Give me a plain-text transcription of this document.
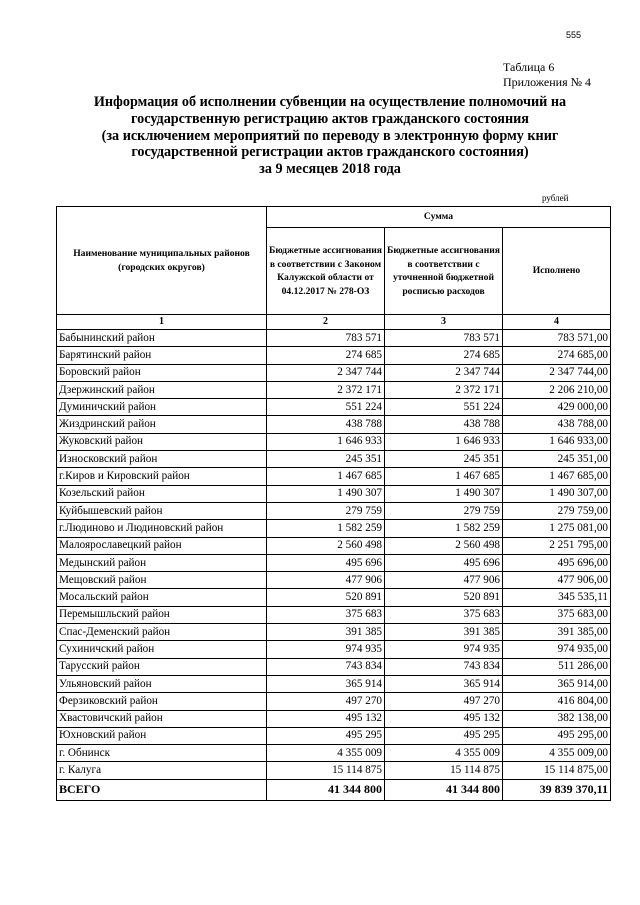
555
Таблица 6
Приложения № 4
Информация об исполнении субвенции на осуществление полномочий на
государственную регистрацию актов гражданского состояния
(за исключением мероприятий по переводу в электронную форму книг
государственной регистрации актов гражданского состояния)
за 9 месяцев 2018 года
рублей
Наименование муниципальных районов (городских округов)	Сумма		
	Бюджетные ассигнования в соответствии с Законом Калужской области от 04.12.2017 № 278-ОЗ	Бюджетные ассигнования в соответствии с уточненной бюджетной росписью расходов	Исполнено
1	2	3	4
Бабынинский район	783 571	783 571	783 571,00
Барятинский район	274 685	274 685	274 685,00
Боровский район	2 347 744	2 347 744	2 347 744,00
Дзержинский район	2 372 171	2 372 171	2 206 210,00
Думиничский район	551 224	551 224	429 000,00
Жиздринский район	438 788	438 788	438 788,00
Жуковский район	1 646 933	1 646 933	1 646 933,00
Износковский район	245 351	245 351	245 351,00
г.Киров и Кировский район	1 467 685	1 467 685	1 467 685,00
Козельский район	1 490 307	1 490 307	1 490 307,00
Куйбышевский район	279 759	279 759	279 759,00
г.Людиново и Людиновский район	1 582 259	1 582 259	1 275 081,00
Малоярославецкий район	2 560 498	2 560 498	2 251 795,00
Медынский район	495 696	495 696	495 696,00
Мещовский район	477 906	477 906	477 906,00
Мосальский район	520 891	520 891	345 535,11
Перемышльский район	375 683	375 683	375 683,00
Спас-Деменский район	391 385	391 385	391 385,00
Сухиничский район	974 935	974 935	974 935,00
Тарусский район	743 834	743 834	511 286,00
Ульяновский район	365 914	365 914	365 914,00
Ферзиковский район	497 270	497 270	416 804,00
Хвастовичский район	495 132	495 132	382 138,00
Юхновский район	495 295	495 295	495 295,00
г. Обнинск	4 355 009	4 355 009	4 355 009,00
г. Калуга	15 114 875	15 114 875	15 114 875,00
ВСЕГО	41 344 800	41 344 800	39 839 370,11
